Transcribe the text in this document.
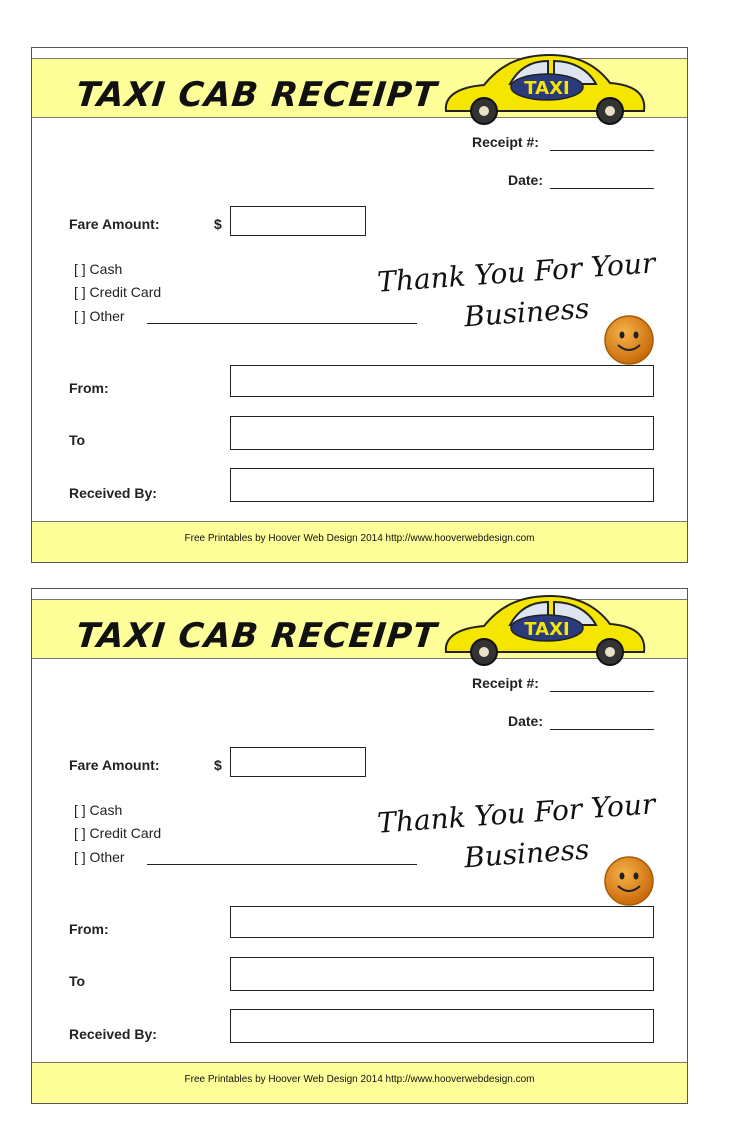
TAXI CAB RECEIPT	TAXI
Receipt #:
Date:
Fare Amount:	$
[ ] Cash
[ ] Credit Card
[ ] Other
Thank You For Your
Business
From:
To
Received By:
Free Printables by Hoover Web Design 2014 http://www.hooverwebdesign.com
TAXI CAB RECEIPT	TAXI
Receipt #:
Date:
Fare Amount:	$
[ ] Cash
[ ] Credit Card
[ ] Other
Thank You For Your
Business
From:
To
Received By:
Free Printables by Hoover Web Design 2014 http://www.hooverwebdesign.com
